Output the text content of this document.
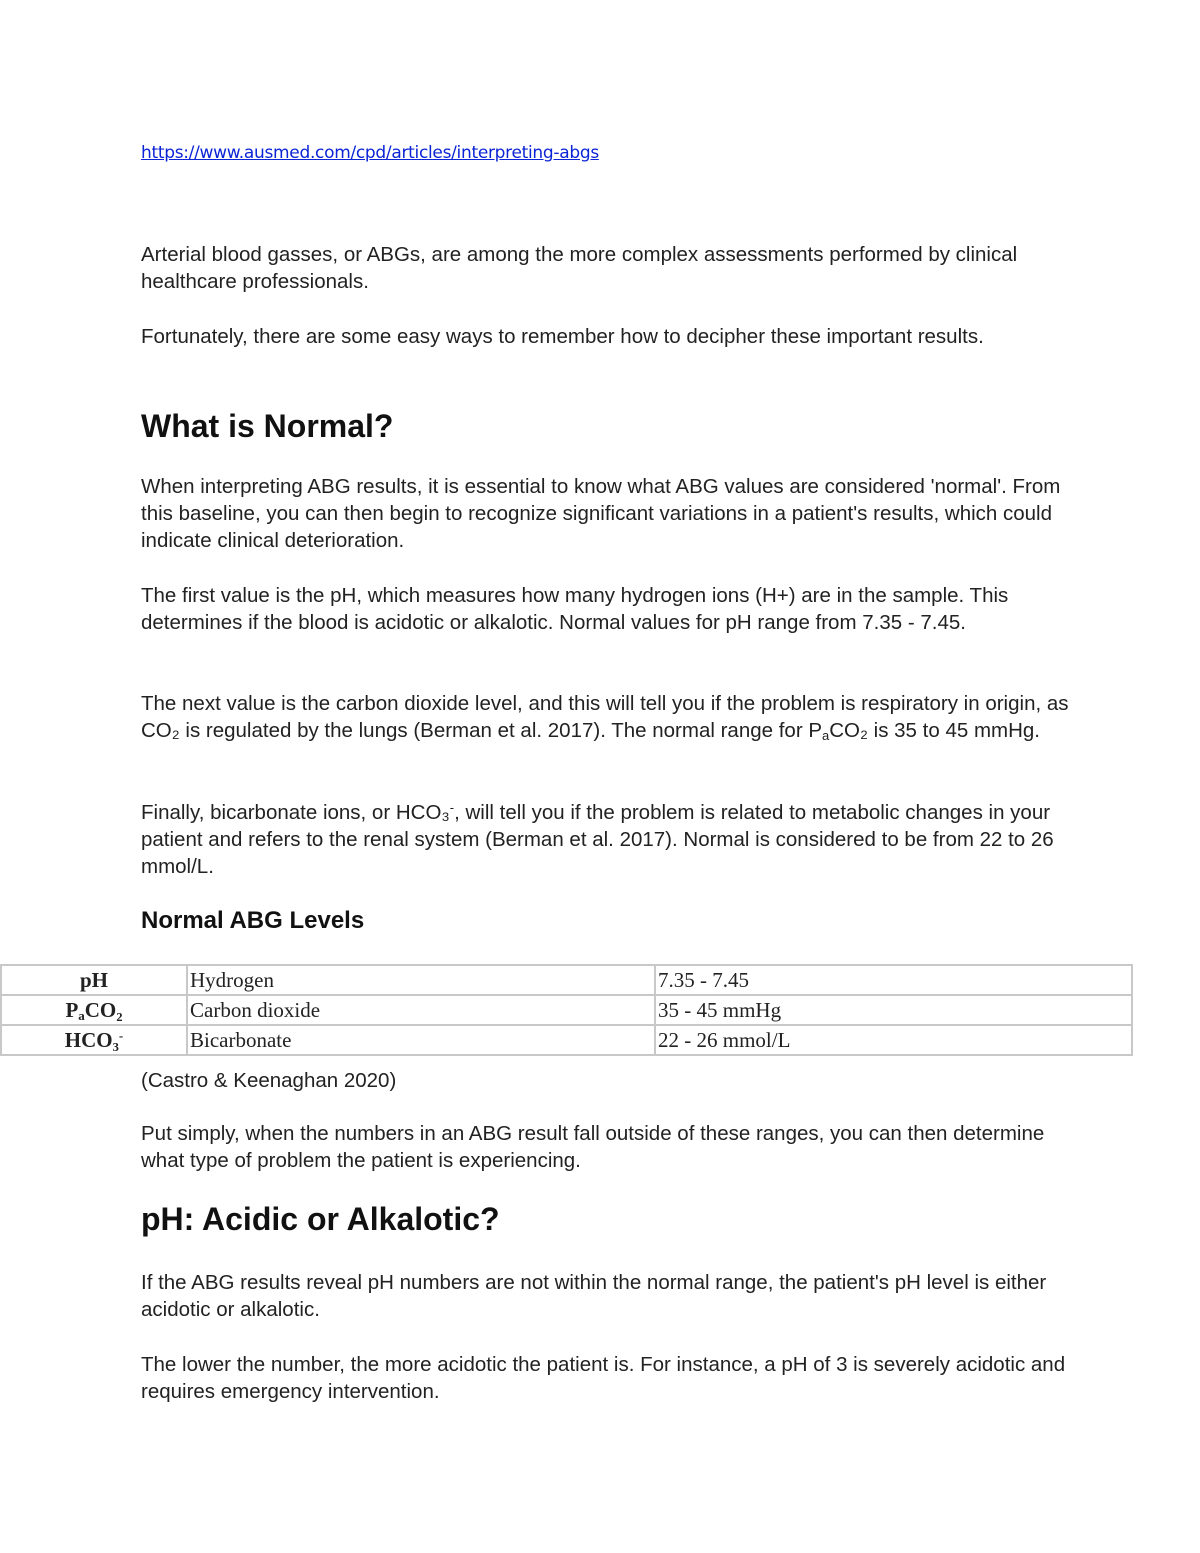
https://www.ausmed.com/cpd/articles/interpreting-abgs

Arterial blood gasses, or ABGs, are among the more complex assessments performed by clinical healthcare professionals.

Fortunately, there are some easy ways to remember how to decipher these important results.

What is Normal?

When interpreting ABG results, it is essential to know what ABG values are considered 'normal'. From this baseline, you can then begin to recognize significant variations in a patient's results, which could indicate clinical deterioration.

The first value is the pH, which measures how many hydrogen ions (H+) are in the sample. This determines if the blood is acidotic or alkalotic. Normal values for pH range from 7.35 - 7.45.

The next value is the carbon dioxide level, and this will tell you if the problem is respiratory in origin, as CO₂ is regulated by the lungs (Berman et al. 2017). The normal range for $P_aCO_2$ is 35 to 45 mmHg.

Finally, bicarbonate ions, or HCO₃-, will tell you if the problem is related to metabolic changes in your patient and refers to the renal system (Berman et al. 2017). Normal is considered to be from 22 to 26 mmol/L.

Normal ABG Levels
pH	Hydrogen	7.35 - 7.45
$P_aCO_2$	Carbon dioxide	35 - 45 mmHg
HCO₃-	Bicarbonate	22 - 26 mmol/L

(Castro & Keenaghan 2020)

Put simply, when the numbers in an ABG result fall outside of these ranges, you can then determine what type of problem the patient is experiencing.

pH: Acidic or Alkalotic?

If the ABG results reveal pH numbers are not within the normal range, the patient's pH level is either acidotic or alkalotic.

The lower the number, the more acidotic the patient is. For instance, a pH of 3 is severely acidotic and requires emergency intervention.
